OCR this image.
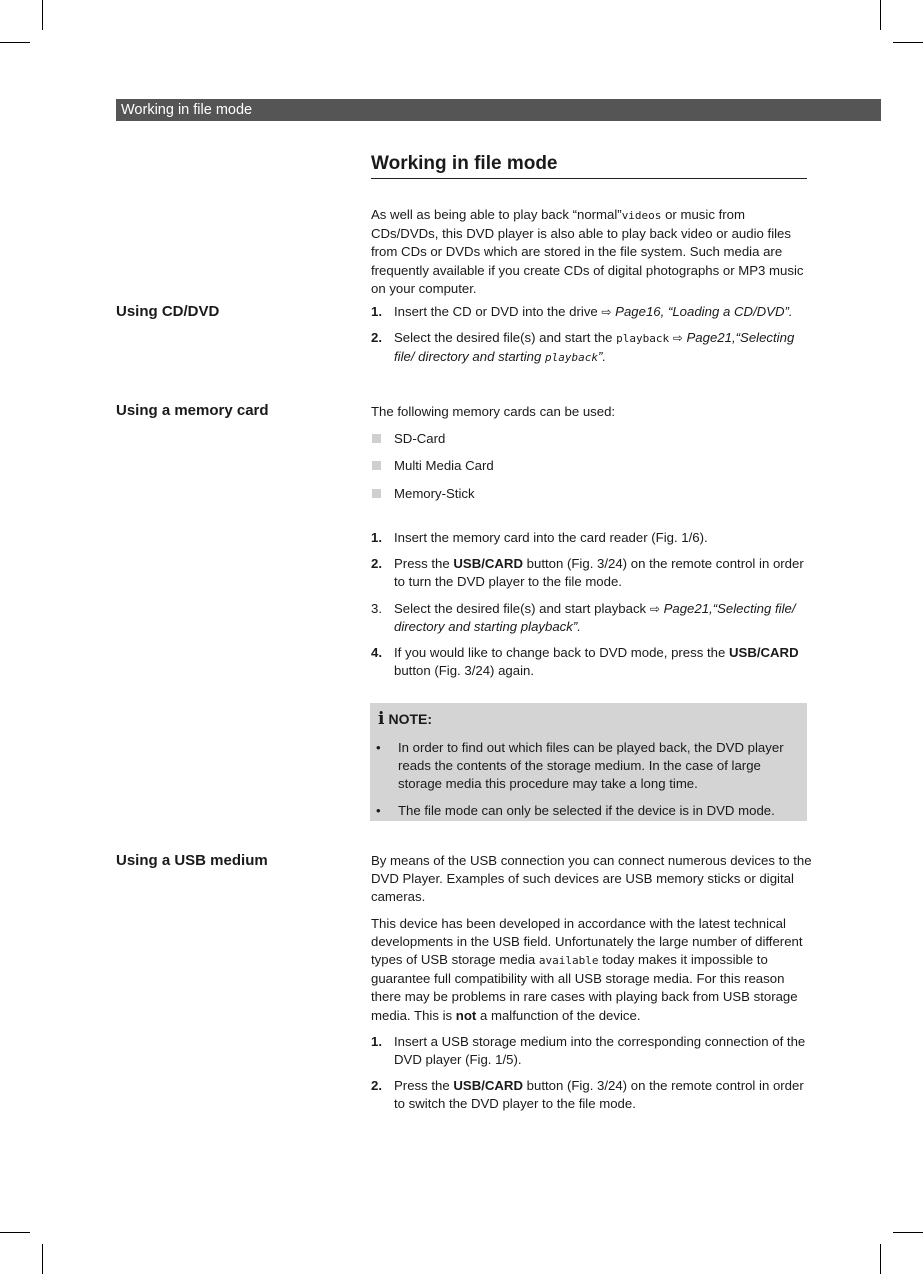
Working in file mode
Working in file mode

As well as being able to play back “normal”videos or music from CDs/DVDs, this DVD player is also able to play back video or audio files from CDs or DVDs which are stored in the file system. Such media are frequently available if you create CDs of digital photographs or MP3 music on your computer.

Using CD/DVD	1. Insert the CD or DVD into the drive ⇨ Page16, “Loading a CD/DVD”.
2. Select the desired file(s) and start the playback ⇨ Page21,“Selecting file/ directory and starting playback”.
Using a memory card	The following memory cards can be used:

SD-Card
Multi Media Card
Memory-Stick
1. Insert the memory card into the card reader (Fig. 1/6).
2. Press the USB/CARD button (Fig. 3/24) on the remote control in order to turn the DVD player to the file mode.
3. Select the desired file(s) and start playback ⇨ Page21,“Selecting file/ directory and starting playback”.
4. If you would like to change back to DVD mode, press the USB/CARD button (Fig. 3/24) again.
i NOTE:
• In order to find out which files can be played back, the DVD player reads the contents of the storage medium. In the case of large storage media this procedure may take a long time.
• The file mode can only be selected if the device is in DVD mode.
Using a USB medium	By means of the USB connection you can connect numerous devices to the DVD Player. Examples of such devices are USB memory sticks or digital cameras.

This device has been developed in accordance with the latest technical developments in the USB field. Unfortunately the large number of different types of USB storage media available today makes it impossible to guarantee full compatibility with all USB storage media. For this reason there may be problems in rare cases with playing back from USB storage media. This is not a malfunction of the device.

1. Insert a USB storage medium into the corresponding connection of the DVD player (Fig. 1/5).
2. Press the USB/CARD button (Fig. 3/24) on the remote control in order to switch the DVD player to the file mode.
